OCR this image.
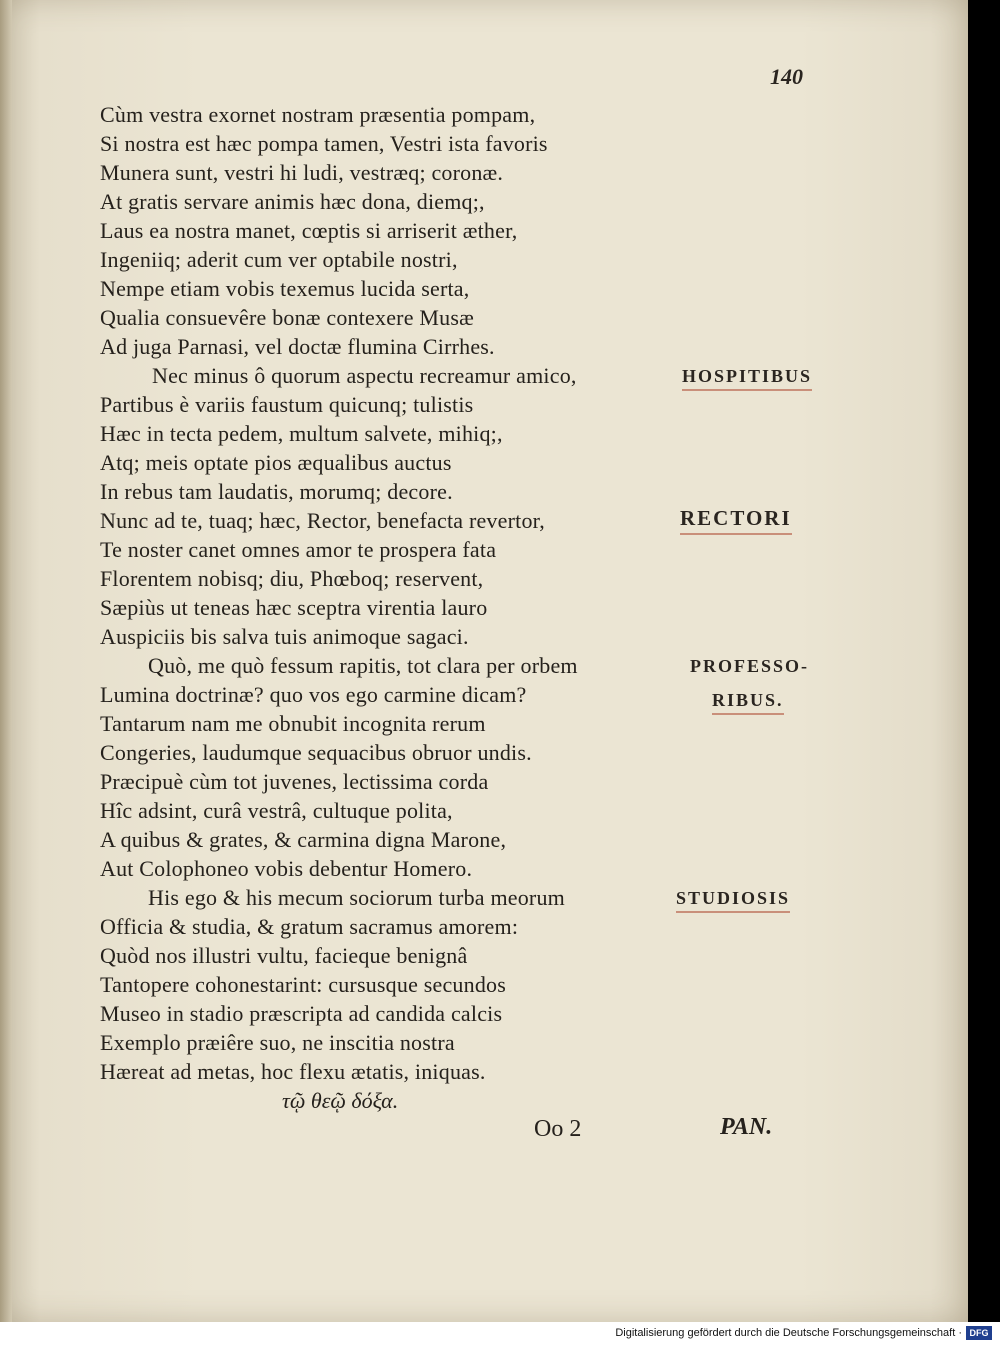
140
Cùm vestra exornet nostram præsentia pompam,
Si nostra est hæc pompa tamen, Vestri ista favoris
Munera sunt, vestri hi ludi, vestræq; coronæ.
At gratis servare animis hæc dona, diemq;,
Laus ea nostra manet, cœptis si arriserit æther,
Ingeniiq; aderit cum ver optabile nostri,
Nempe etiam vobis texemus lucida serta,
Qualia consuevêre bonæ contexere Musæ
Ad juga Parnasi, vel doctæ flumina Cirrhes.
Nec minus ô quorum aspectu recreamur amico,
Partibus è variis faustum quicunq; tulistis
Hæc in tecta pedem, multum salvete, mihiq;,
Atq; meis optate pios æqualibus auctus
In rebus tam laudatis, morumq; decore.
Nunc ad te, tuaq; hæc, Rector, benefacta revertor,
Te noster canet omnes amor te prospera fata
Florentem nobisq; diu, Phœboq; reservent,
Sæpiùs ut teneas hæc sceptra virentia lauro
Auspiciis bis salva tuis animoque sagaci.
Quò, me quò fessum rapitis, tot clara per orbem
Lumina doctrinæ? quo vos ego carmine dicam?
Tantarum nam me obnubit incognita rerum
Congeries, laudumque sequacibus obruor undis.
Præcipuè cùm tot juvenes, lectissima corda
Hîc adsint, curâ vestrâ, cultuque polita,
A quibus & grates, & carmina digna Marone,
Aut Colophoneo vobis debentur Homero.
His ego & his mecum sociorum turba meorum
Officia & studia, & gratum sacramus amorem:
Quòd nos illustri vultu, facieque benignâ
Tantopere cohonestarint: cursusque secundos
Museo in stadio præscripta ad candida calcis
Exemplo præiêre suo, ne inscitia nostra
Hæreat ad metas, hoc flexu ætatis, iniquas.
HOSPITIBUS
RECTORI
PROFESSO-
RIBUS.
STUDIOSIS
τῷ θεῷ δόξα.
Oo 2	PAN.
Digitalisierung gefördert durch die Deutsche Forschungsgemeinschaft · DFG
